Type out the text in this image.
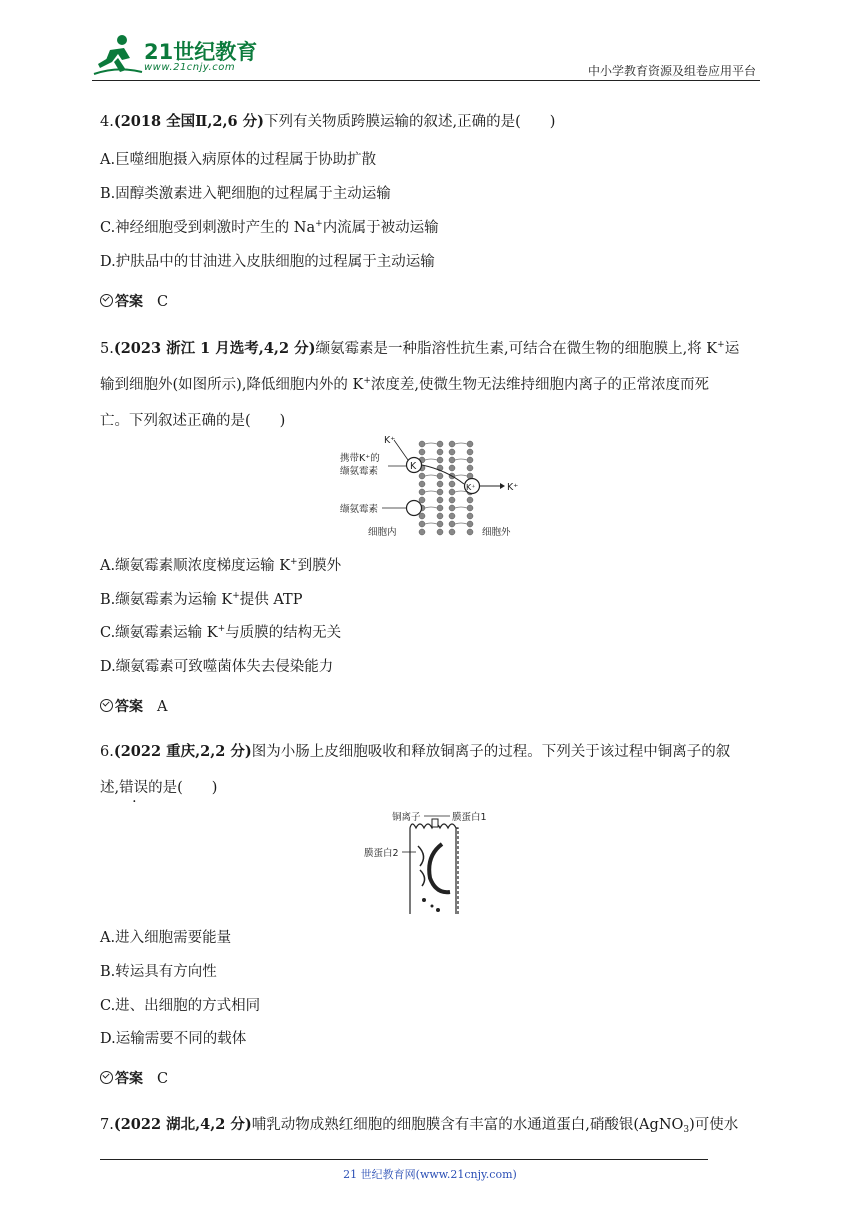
21世纪教育
www.21cnjy.com	中小学教育资源及组卷应用平台
4.(2018 全国Ⅱ,2,6 分)下列有关物质跨膜运输的叙述,正确的是(　　)
A.巨噬细胞摄入病原体的过程属于协助扩散
B.固醇类激素进入靶细胞的过程属于主动运输
C.神经细胞受到刺激时产生的 Na+内流属于被动运输
D.护肤品中的甘油进入皮肤细胞的过程属于主动运输
答案 C
5.(2023 浙江 1 月选考,4,2 分)缬氨霉素是一种脂溶性抗生素,可结合在微生物的细胞膜上,将 K+运
输到细胞外(如图所示),降低细胞内外的 K+浓度差,使微生物无法维持细胞内离子的正常浓度而死
亡。下列叙述正确的是(　　)
K
K⁺	K⁺
K⁺
携带K⁺的
缬氨霉素
缬氨霉素
细胞内	细胞外
A.缬氨霉素顺浓度梯度运输 K+到膜外
B.缬氨霉素为运输 K+提供 ATP
C.缬氨霉素运输 K+与质膜的结构无关
D.缬氨霉素可致噬菌体失去侵染能力
答案 A
6.(2022 重庆,2,2 分)图为小肠上皮细胞吸收和释放铜离子的过程。下列关于该过程中铜离子的叙
述,错误的是(　　)
铜离子	膜蛋白1
膜蛋白2
A.进入细胞需要能量
B.转运具有方向性
C.进、出细胞的方式相同
D.运输需要不同的载体
答案 C
7.(2022 湖北,4,2 分)哺乳动物成熟红细胞的细胞膜含有丰富的水通道蛋白,硝酸银(AgNO$_3$)可使水
21 世纪教育网(www.21cnjy.com)
